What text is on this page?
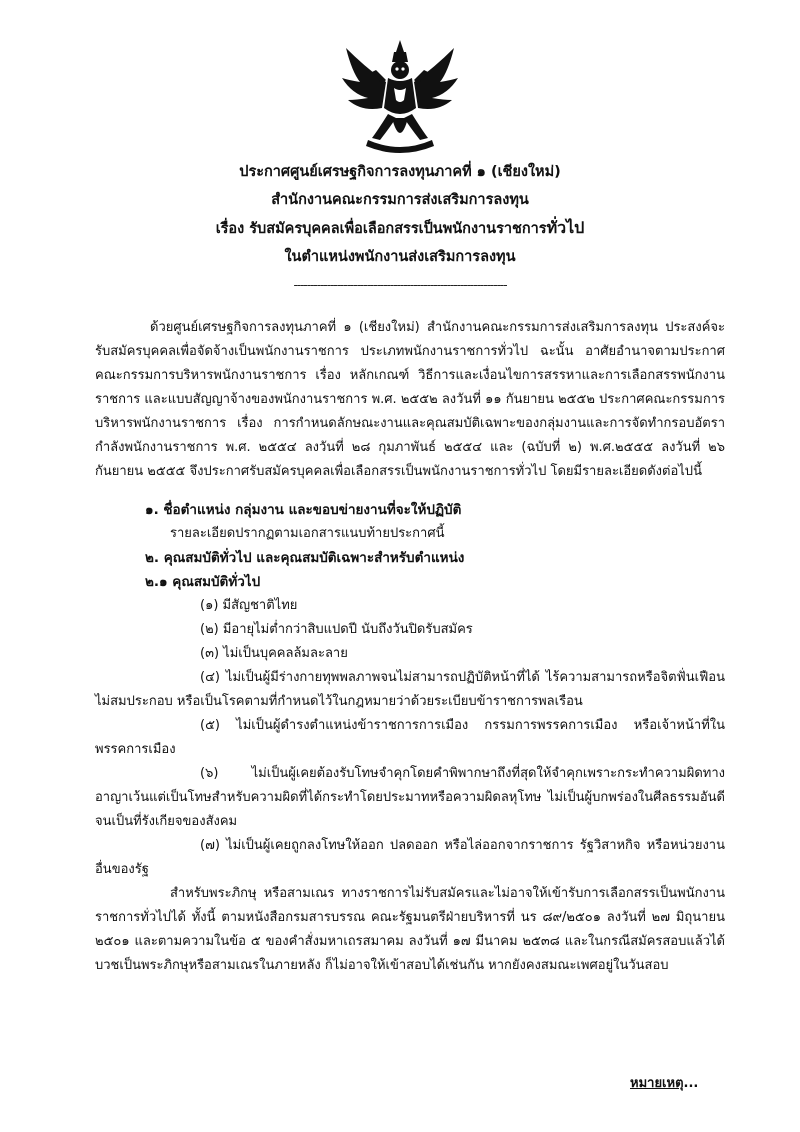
ประกาศศูนย์เศรษฐกิจการลงทุนภาคที่ ๑ (เชียงใหม่)
สำนักงานคณะกรรมการส่งเสริมการลงทุน
เรื่อง รับสมัครบุคคลเพื่อเลือกสรรเป็นพนักงานราชการทั่วไป
ในตำแหน่งพนักงานส่งเสริมการลงทุน
----------------------------------------------------------------
ด้วยศูนย์เศรษฐกิจการลงทุนภาคที่ ๑ (เชียงใหม่) สำนักงานคณะกรรมการส่งเสริมการลงทุน ประสงค์จะรับสมัครบุคคลเพื่อจัดจ้างเป็นพนักงานราชการ ประเภทพนักงานราชการทั่วไป ฉะนั้น อาศัยอำนาจตามประกาศคณะกรรมการบริหารพนักงานราชการ เรื่อง หลักเกณฑ์ วิธีการและเงื่อนไขการสรรหาและการเลือกสรรพนักงานราชการ และแบบสัญญาจ้างของพนักงานราชการ พ.ศ. ๒๕๕๒ ลงวันที่ ๑๑ กันยายน ๒๕๕๒ ประกาศคณะกรรมการบริหารพนักงานราชการ เรื่อง การกำหนดลักษณะงานและคุณสมบัติเฉพาะของกลุ่มงานและการจัดทำกรอบอัตรากำลังพนักงานราชการ พ.ศ. ๒๕๕๔ ลงวันที่ ๒๘ กุมภาพันธ์ ๒๕๕๔ และ (ฉบับที่ ๒) พ.ศ.๒๕๕๕ ลงวันที่ ๒๖ กันยายน ๒๕๕๕ จึงประกาศรับสมัครบุคคลเพื่อเลือกสรรเป็นพนักงานราชการทั่วไป โดยมีรายละเอียดดังต่อไปนี้
๑. ชื่อตำแหน่ง กลุ่มงาน และขอบข่ายงานที่จะให้ปฏิบัติ
รายละเอียดปรากฏตามเอกสารแนบท้ายประกาศนี้
๒. คุณสมบัติทั่วไป และคุณสมบัติเฉพาะสำหรับตำแหน่ง
๒.๑ คุณสมบัติทั่วไป
(๑) มีสัญชาติไทย
(๒) มีอายุไม่ต่ำกว่าสิบแปดปี นับถึงวันปิดรับสมัคร
(๓) ไม่เป็นบุคคลล้มละลาย
(๔) ไม่เป็นผู้มีร่างกายทุพพลภาพจนไม่สามารถปฏิบัติหน้าที่ได้ ไร้ความสามารถหรือจิตฟั่นเฟือนไม่สมประกอบ หรือเป็นโรคตามที่กำหนดไว้ในกฎหมายว่าด้วยระเบียบข้าราชการพลเรือน
(๕) ไม่เป็นผู้ดำรงตำแหน่งข้าราชการการเมือง กรรมการพรรคการเมือง หรือเจ้าหน้าที่ในพรรคการเมือง
(๖) ไม่เป็นผู้เคยต้องรับโทษจำคุกโดยคำพิพากษาถึงที่สุดให้จำคุกเพราะกระทำความผิดทางอาญาเว้นแต่เป็นโทษสำหรับความผิดที่ได้กระทำโดยประมาทหรือความผิดลหุโทษ ไม่เป็นผู้บกพร่องในศีลธรรมอันดีจนเป็นที่รังเกียจของสังคม
(๗) ไม่เป็นผู้เคยถูกลงโทษให้ออก ปลดออก หรือไล่ออกจากราชการ รัฐวิสาหกิจ หรือหน่วยงานอื่นของรัฐ
สำหรับพระภิกษุ หรือสามเณร ทางราชการไม่รับสมัครและไม่อาจให้เข้ารับการเลือกสรรเป็นพนักงานราชการทั่วไปได้ ทั้งนี้ ตามหนังสือกรมสารบรรณ คณะรัฐมนตรีฝ่ายบริหารที่ นร ๘๙/๒๕๐๑ ลงวันที่ ๒๗ มิถุนายน ๒๕๐๑ และตามความในข้อ ๕ ของคำสั่งมหาเถรสมาคม ลงวันที่ ๑๗ มีนาคม ๒๕๓๘ และในกรณีสมัครสอบแล้วได้บวชเป็นพระภิกษุหรือสามเณรในภายหลัง ก็ไม่อาจให้เข้าสอบได้เช่นกัน หากยังคงสมณะเพศอยู่ในวันสอบ
หมายเหตุ...
